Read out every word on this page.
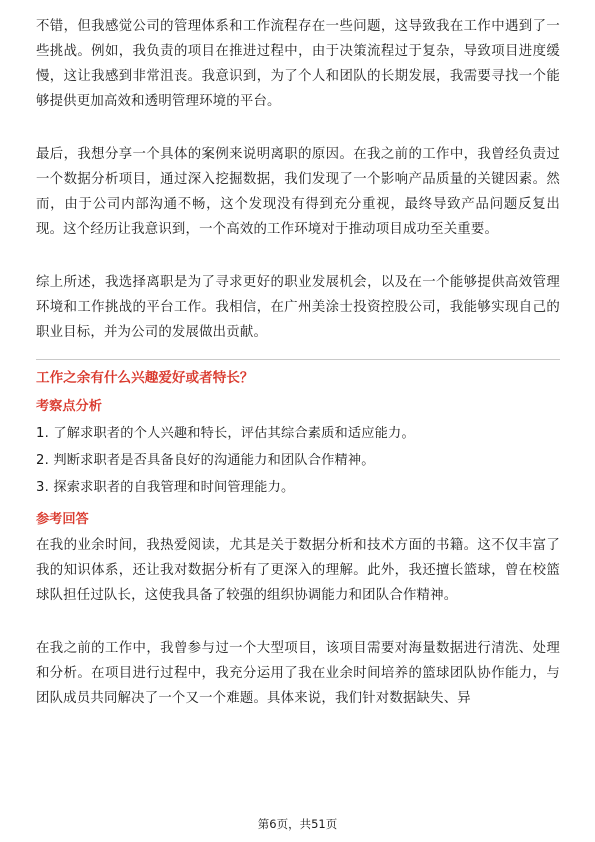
不错，但我感觉公司的管理体系和工作流程存在一些问题，这导致我在工作中遇到了一些挑战。例如，我负责的项目在推进过程中，由于决策流程过于复杂，导致项目进度缓慢，这让我感到非常沮丧。我意识到，为了个人和团队的长期发展，我需要寻找一个能够提供更加高效和透明管理环境的平台。

最后，我想分享一个具体的案例来说明离职的原因。在我之前的工作中，我曾经负责过一个数据分析项目，通过深入挖掘数据，我们发现了一个影响产品质量的关键因素。然而，由于公司内部沟通不畅，这个发现没有得到充分重视，最终导致产品问题反复出现。这个经历让我意识到，一个高效的工作环境对于推动项目成功至关重要。

综上所述，我选择离职是为了寻求更好的职业发展机会，以及在一个能够提供高效管理环境和工作挑战的平台工作。我相信，在广州美涂士投资控股公司，我能够实现自己的职业目标，并为公司的发展做出贡献。

工作之余有什么兴趣爱好或者特长？
考察点分析
1. 了解求职者的个人兴趣和特长，评估其综合素质和适应能力。
2. 判断求职者是否具备良好的沟通能力和团队合作精神。
3. 探索求职者的自我管理和时间管理能力。
参考回答

在我的业余时间，我热爱阅读，尤其是关于数据分析和技术方面的书籍。这不仅丰富了我的知识体系，还让我对数据分析有了更深入的理解。此外，我还擅长篮球，曾在校篮球队担任过队长，这使我具备了较强的组织协调能力和团队合作精神。

在我之前的工作中，我曾参与过一个大型项目，该项目需要对海量数据进行清洗、处理和分析。在项目进行过程中，我充分运用了我在业余时间培养的篮球团队协作能力，与团队成员共同解决了一个又一个难题。具体来说，我们针对数据缺失、异

第6页，共51页
